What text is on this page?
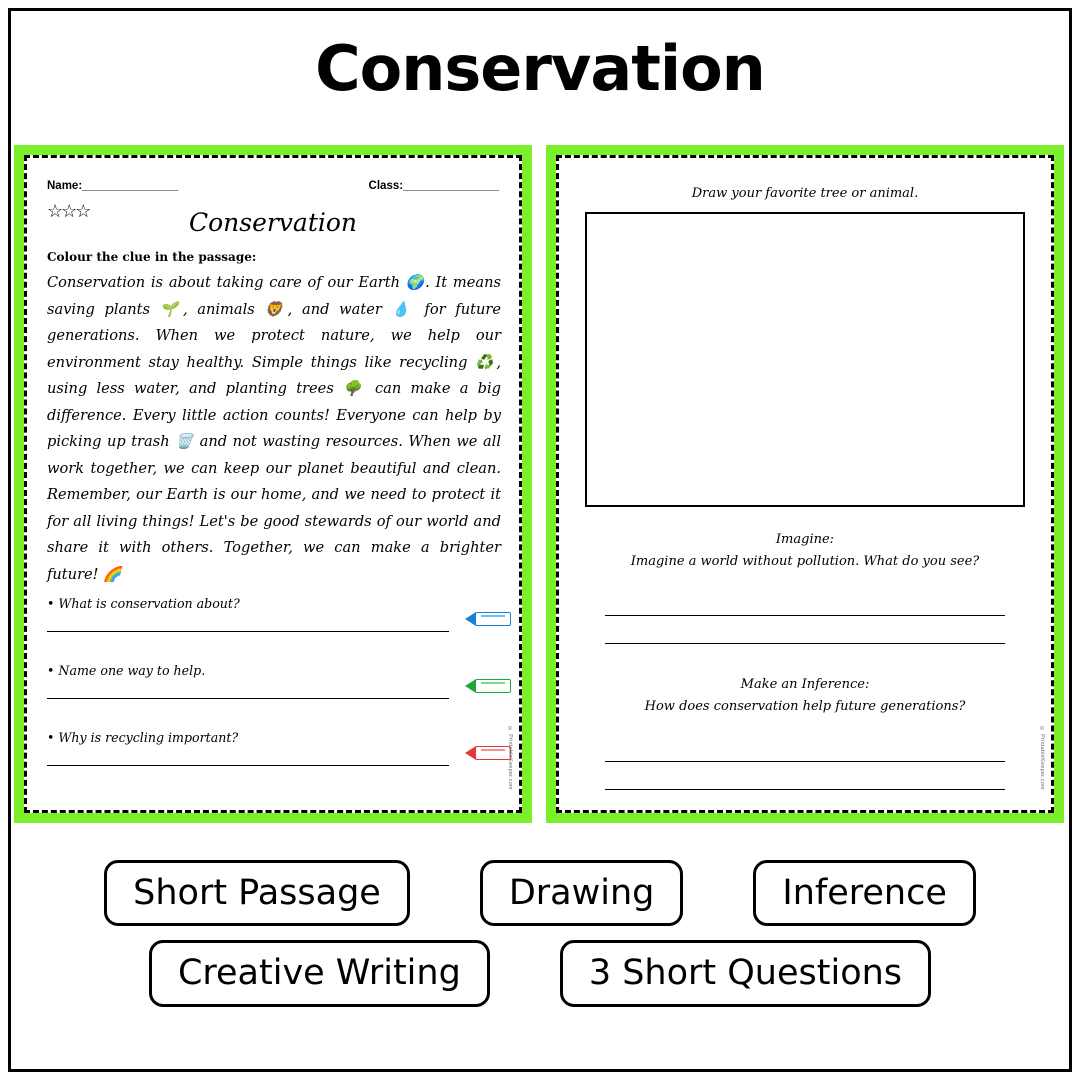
Conservation
Name:_______________	Class:_______________
☆☆☆	Conservation
Colour the clue in the passage:
Conservation is about taking care of our Earth 🌍. It means saving plants 🌱, animals 🦁, and water 💧 for future generations. When we protect nature, we help our environment stay healthy. Simple things like recycling ♻️, using less water, and planting trees 🌳 can make a big difference. Every little action counts! Everyone can help by picking up trash 🗑️ and not wasting resources. When we all work together, we can keep our planet beautiful and clean. Remember, our Earth is our home, and we need to protect it for all living things! Let's be good stewards of our world and share it with others. Together, we can make a brighter future! 🌈
• What is conservation about?
• Name one way to help.
• Why is recycling important?	© PrintableKeeper.com
Draw your favorite tree or animal.
Imagine:
Imagine a world without pollution. What do you see?
Make an Inference:
How does conservation help future generations?
© PrintableKeeper.com
Short Passage	Drawing	Inference
Creative Writing	3 Short Questions
